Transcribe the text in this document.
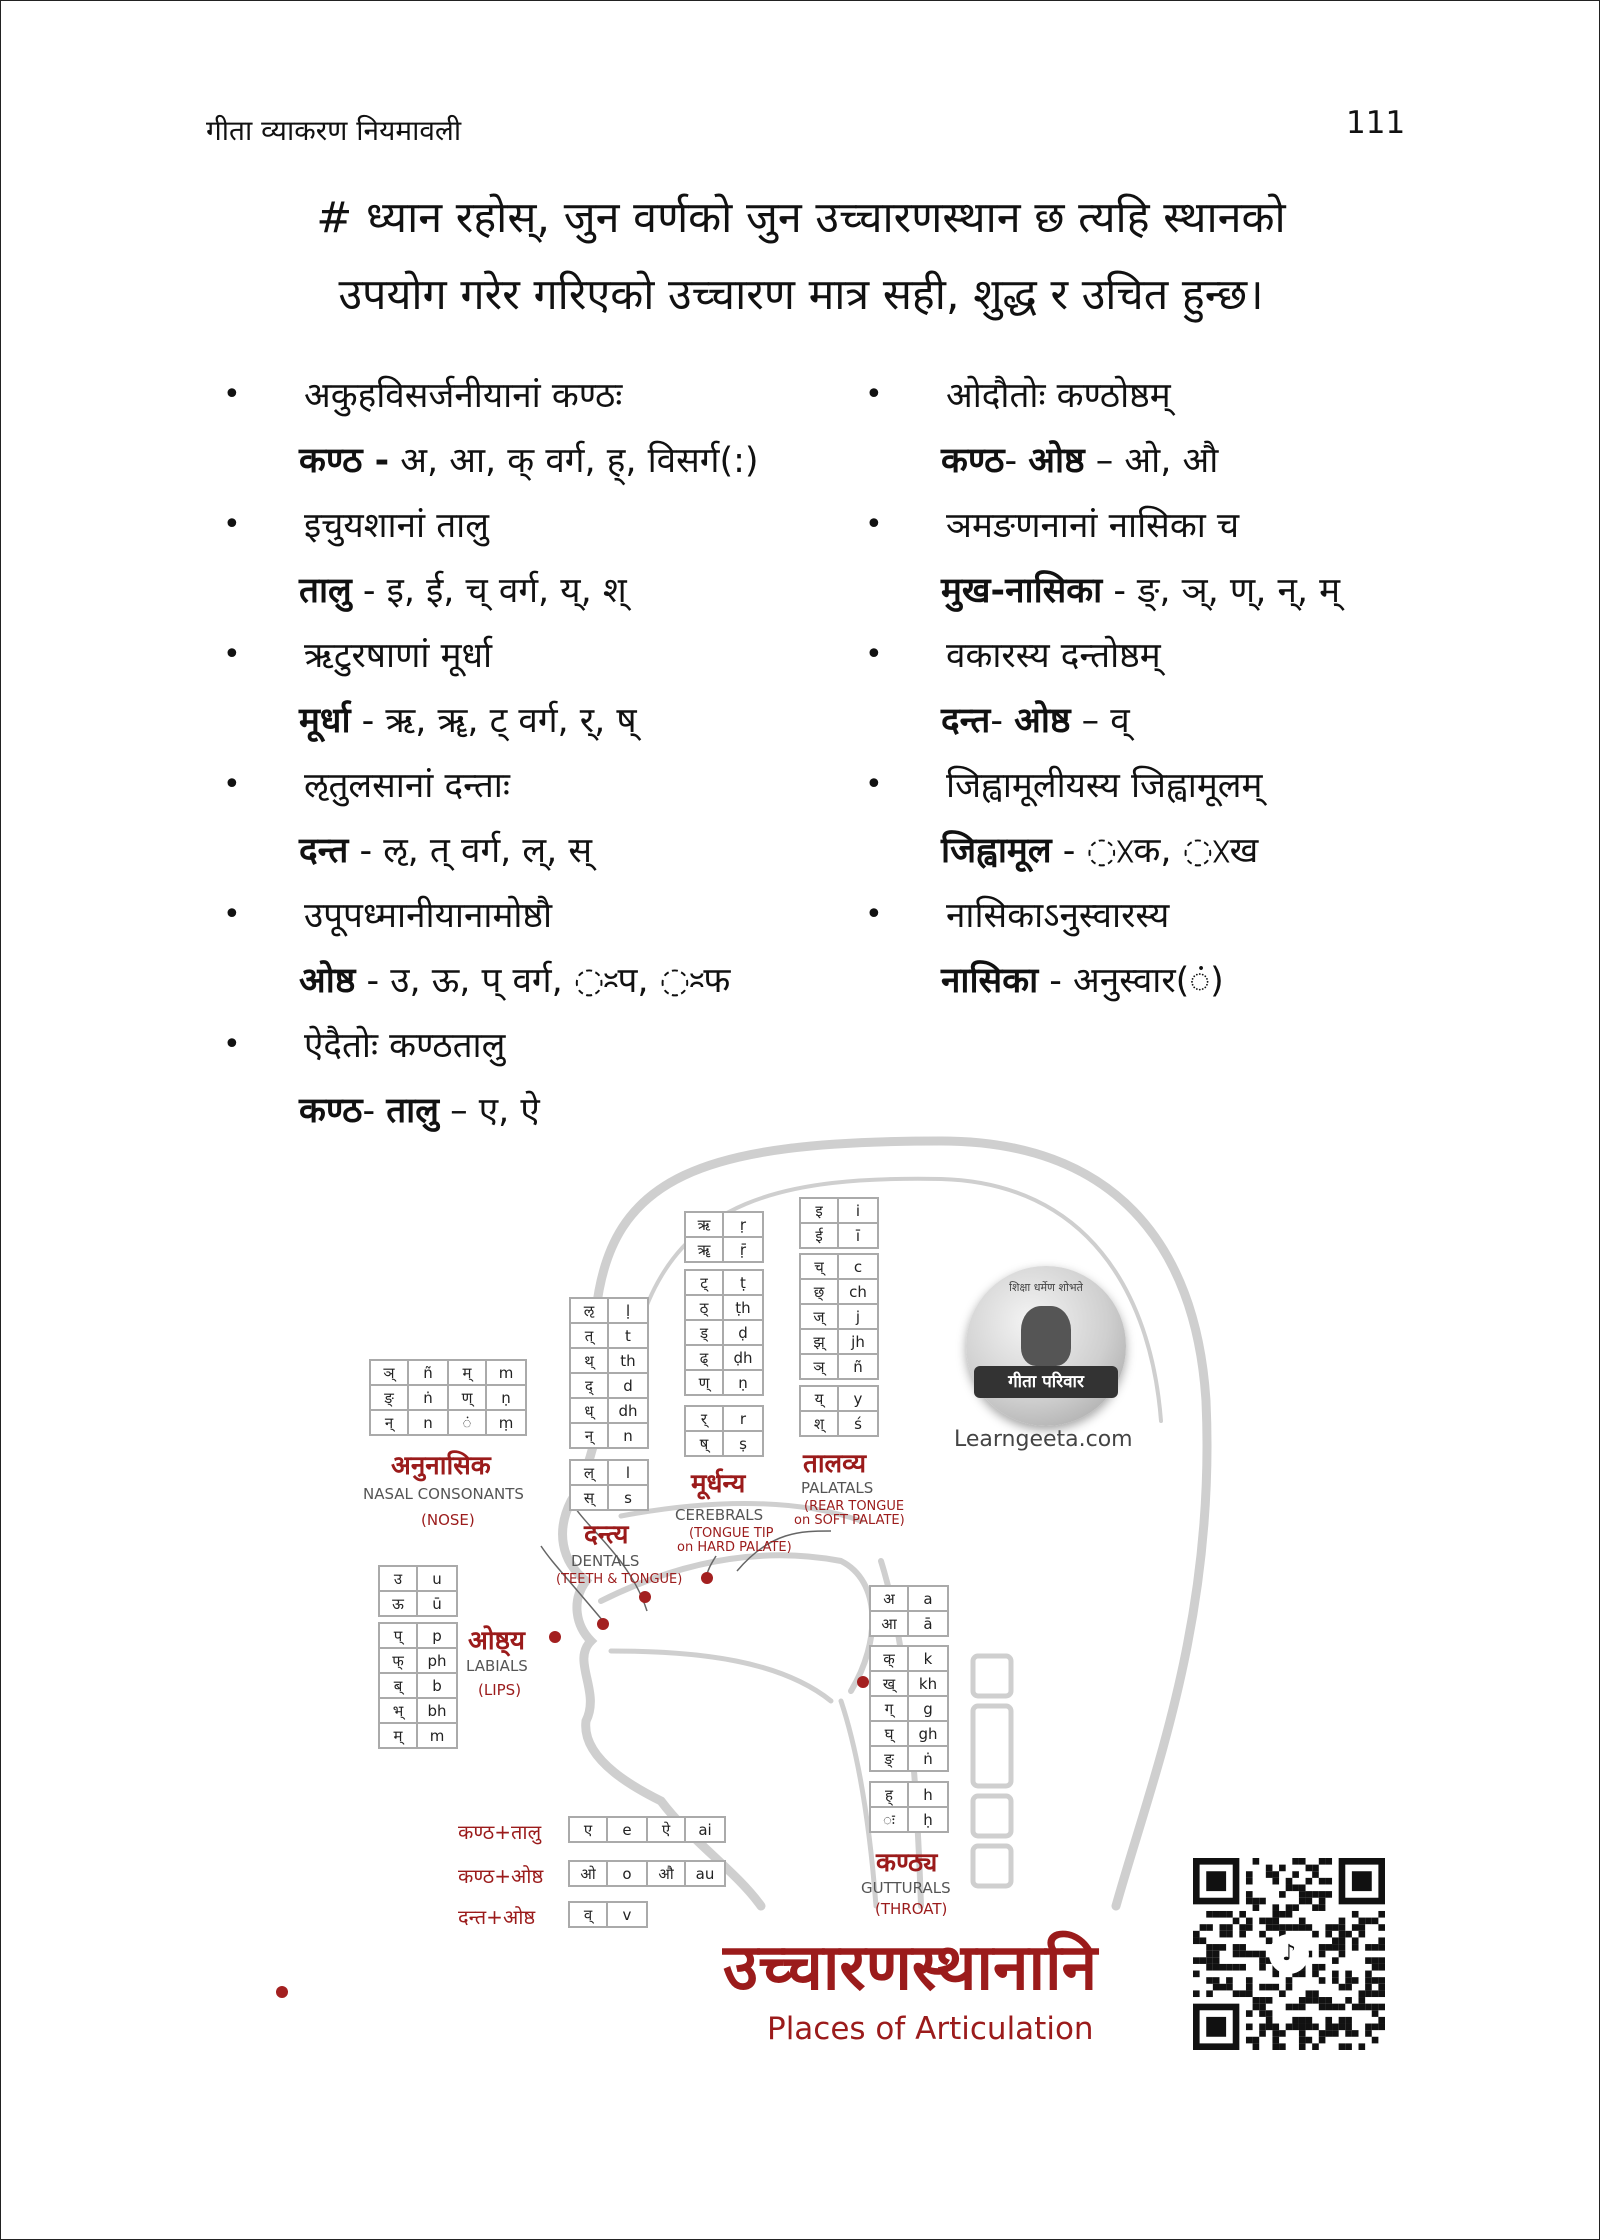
गीता व्याकरण नियमावली	111
# ध्यान रहोस्, जुन वर्णको जुन उच्चारणस्थान छ त्यहि स्थानको
उपयोग गरेर गरिएको उच्चारण मात्र सही, शुद्ध र उचित हुन्छ।
• अकुहविसर्जनीयानां कण्ठः
कण्ठ - अ, आ, क् वर्ग, ह्, विसर्ग(:)
• इचुयशानां तालु
तालु - इ, ई, च् वर्ग, य्, श्
• ऋटुरषाणां मूर्धा
मूर्धा - ऋ, ॠ, ट् वर्ग, र्, ष्
• ऌतुलसानां दन्ताः
दन्त - ऌ, त् वर्ग, ल्, स्
• उपूपध्मानीयानामोष्ठौ
ओष्ठ - उ, ऊ, प् वर्ग, ◌ᳲप, ◌ᳲफ
• ऐदैतोः कण्ठतालु
कण्ठ- तालु – ए, ऐ
• ओदौतोः कण्ठोष्ठम्
कण्ठ- ओष्ठ – ओ, औ
• ञमङणनानां नासिका च
मुख-नासिका - ङ्, ञ्, ण्, न्, म्
• वकारस्य दन्तोष्ठम्
दन्त- ओष्ठ – व्
• जिह्वामूलीयस्य जिह्वामूलम्
जिह्वामूल - ◌ᳵक, ◌ᳵख
• नासिकाऽनुस्वारस्य
नासिका - अनुस्वार(◌ं)
ञ्	ñ	म्	m
ङ्	ṅ	ण्	ṇ
न्	n	◌ं	ṃ
ऌ	ḷ
त्	t
थ्	th
द्	d
ध्	dh
न्	n
ल्	l
स्	s
ऋ	ṛ
ॠ	ṝ
ट्	ṭ
ठ्	ṭh
ड्	ḍ
ढ्	ḍh
ण्	ṇ
र्	r
ष्	ṣ
इ	i
ई	ī
च्	c
छ्	ch
ज्	j
झ्	jh
ञ्	ñ
य्	y
श्	ś
उ	u
ऊ	ū
प्	p
फ्	ph
ब्	b
भ्	bh
म्	m
अ	a
आ	ā
क्	k
ख्	kh
ग्	g
घ्	gh
ङ्	ṅ
ह्	h
◌ः	ḥ
कण्ठ+तालु	ए	e	ऐ	ai
कण्ठ+ओष्ठ ओ	o	औ	au
दन्त+ओष्ठ	व्	v
अनुनासिक
NASAL CONSONANTS
(NOSE)	दन्त्य
DENTALS
(TEETH & TONGUE)
मूर्धन्य
CEREBRALS
(TONGUE TIP
on HARD PALATE)
तालव्य
PALATALS
(REAR TONGUE
on SOFT PALATE)
ओष्ठ्य
LABIALS
(LIPS)
कण्ठ्य
GUTTURALS
(THROAT)
शिक्षा धर्मेण शोभते
गीता परिवार
Learngeeta.com
उच्चारणस्थानानि
Places of Articulation
♪
